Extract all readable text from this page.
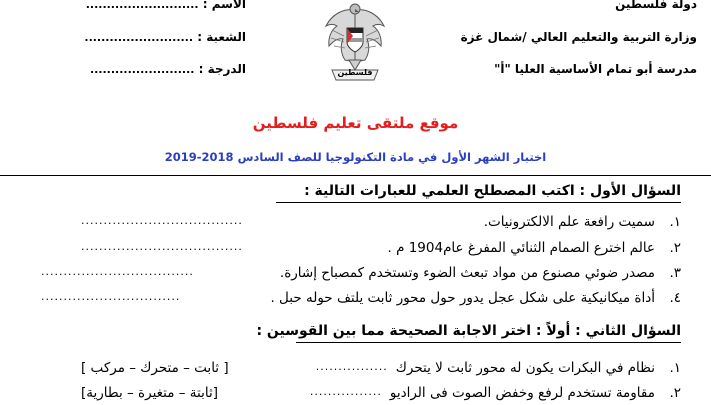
دولة فلسطين
وزارة التربية والتعليم العالي /شمال غزة
مدرسة أبو تمام الأساسية العليا "أ"
الاسم : ...........................
الشعبة : ..........................
الدرجة : .........................	فلسطين
موقع ملتقى تعليم فلسطين
اختبار الشهر الأول في مادة التكنولوجيا للصف السادس 2018-2019
السؤال الأول : اكتب المصطلح العلمي للعبارات التالية :
١.
سميت رافعة علم الالكترونيات.
....................................
٢.
عالم اخترع الصمام الثنائي المفرغ عام1904 م .
....................................
٣.
مصدر ضوئي مصنوع من مواد تبعث الضوء وتستخدم كمصباح إشارة.
..................................
٤.
أداة ميكانيكية على شكل عجل يدور حول محور ثابت يلتف حوله حبل .
...............................
السؤال الثاني : أولاً : اختر الاجابة الصحيحة مما بين القوسين :
١.
نظام في البكرات يكون له محور ثابت لا يتحرك
................
[ ثابت – متحرك – مركب ]
٢.
مقاومة تستخدم لرفع وخفض الصوت فى الراديو
................
[ثابتة – متغيرة – بطارية]
